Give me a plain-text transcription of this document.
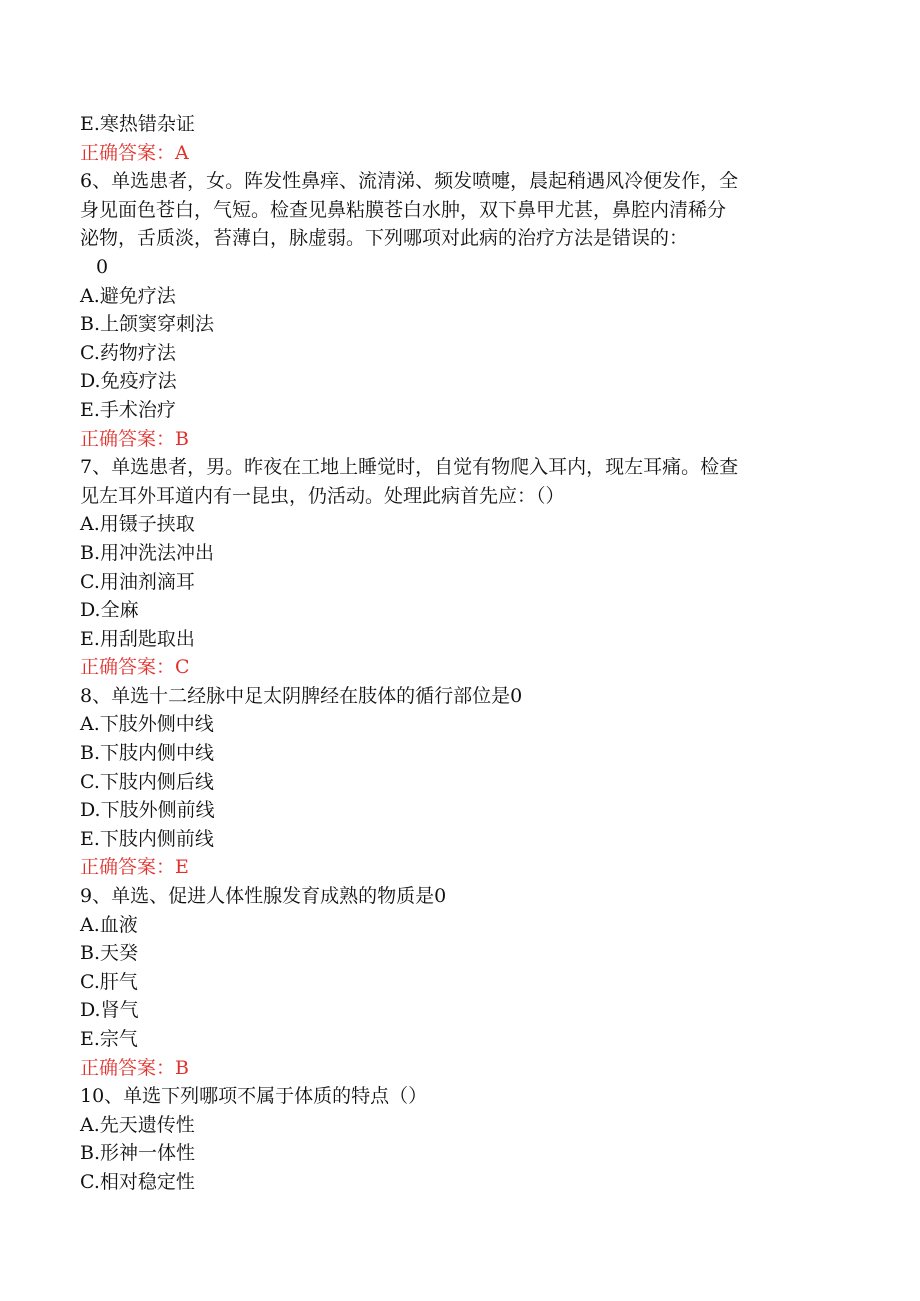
E.寒热错杂证
正确答案：A
6、单选患者，女。阵发性鼻痒、流清涕、频发喷嚏，晨起稍遇风冷便发作，全
身见面色苍白，气短。检查见鼻粘膜苍白水肿，双下鼻甲尤甚，鼻腔内清稀分
泌物，舌质淡，苔薄白，脉虚弱。下列哪项对此病的治疗方法是错误的：
0
A.避免疗法
B.上颌窦穿刺法
C.药物疗法
D.免疫疗法
E.手术治疗
正确答案：B
7、单选患者，男。昨夜在工地上睡觉时，自觉有物爬入耳内，现左耳痛。检查
见左耳外耳道内有一昆虫，仍活动。处理此病首先应：（）
A.用镊子挟取
B.用冲洗法冲出
C.用油剂滴耳
D.全麻
E.用刮匙取出
正确答案：C
8、单选十二经脉中足太阴脾经在肢体的循行部位是0
A.下肢外侧中线
B.下肢内侧中线
C.下肢内侧后线
D.下肢外侧前线
E.下肢内侧前线
正确答案：E
9、单选、促进人体性腺发育成熟的物质是0
A.血液
B.天癸
C.肝气
D.肾气
E.宗气
正确答案：B
10、单选下列哪项不属于体质的特点（）
A.先天遗传性
B.形神一体性
C.相对稳定性
